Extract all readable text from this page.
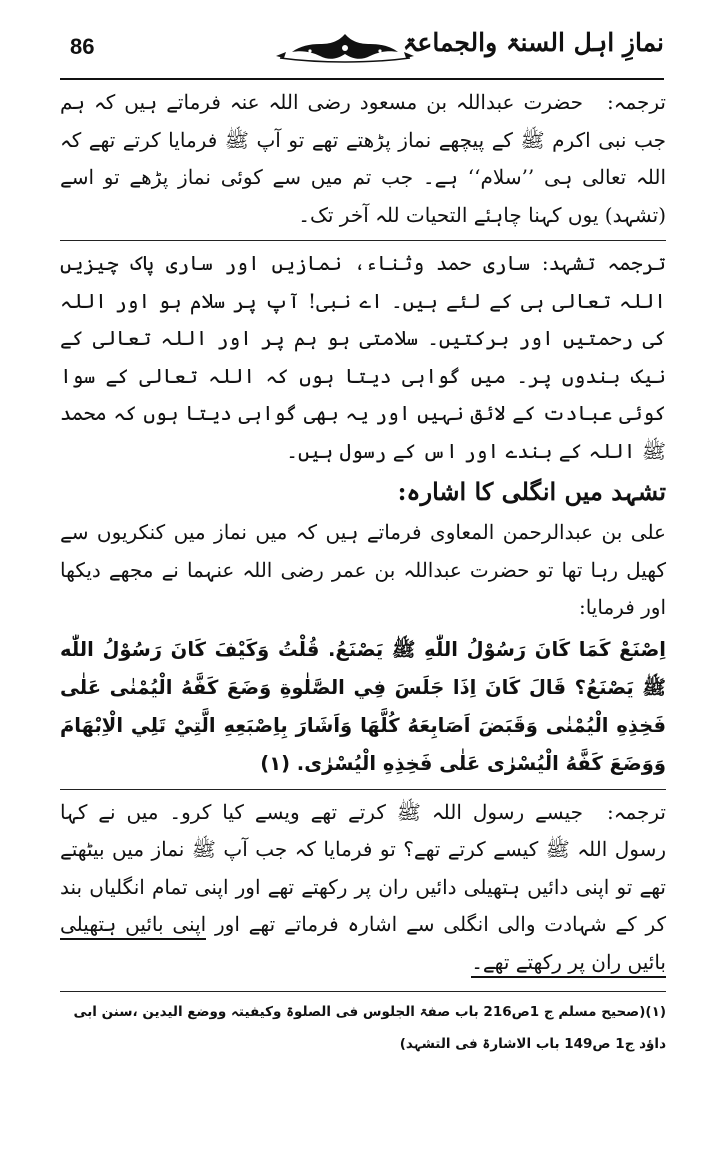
86	نمازِ اہل السنۃ والجماعۃ

ترجمہ:حضرت عبداللہ بن مسعود رضی اللہ عنہ فرماتے ہیں کہ ہم جب نبی اکرم ﷺ کے پیچھے نماز پڑھتے تھے تو آپ ﷺ فرمایا کرتے تھے کہ اللہ تعالی ہی ’’سلام‘‘ ہے۔ جب تم میں سے کوئی نماز پڑھے تو اسے (تشہد) یوں کہنا چاہئے التحیات للہ آخر تک۔

ترجمہ تشہد: ساری حمد وثناء، نمازیں اور ساری پاک چیزیں اللہ تعالی ہی کے لئے ہیں۔ اے نبی! آپ پر سلام ہو اور اللہ کی رحمتیں اور برکتیں۔ سلامتی ہو ہم پر اور اللہ تعالی کے نیک بندوں پر۔ میں گواہی دیتا ہوں کہ اللہ تعالی کے سوا کوئی عبادت کے لائق نہیں اور یہ بھی گواہی دیتا ہوں کہ محمد ﷺ اللہ کے بندے اور اس کے رسول ہیں۔

تشہد میں انگلی کا اشارہ:

علی بن عبدالرحمن المعاوی فرماتے ہیں کہ میں نماز میں کنکریوں سے کھیل رہا تھا تو حضرت عبداللہ بن عمر رضی اللہ عنہما نے مجھے دیکھا اور فرمایا:

اِصْنَعْ كَمَا كَانَ رَسُوْلُ اللّٰهِ ﷺ يَصْنَعُ. قُلْتُ وَكَيْفَ كَانَ رَسُوْلُ اللّٰه ﷺ يَصْنَعُ؟ قَالَ كَانَ اِذَا جَلَسَ فِي الصَّلٰوةِ وَضَعَ كَفَّهُ الْيُمْنٰى عَلٰى فَخِذِهِ الْيُمْنٰى وَقَبَضَ اَصَابِعَهُ كُلَّهَا وَاَشَارَ بِاِصْبَعِهِ الَّتِيْ تَلِي الْاِبْهَامَ وَوَضَعَ كَفَّهُ الْيُسْرٰى عَلٰى فَخِذِهِ الْيُسْرٰى. (۱)

ترجمہ:جیسے رسول اللہ ﷺ کرتے تھے ویسے کیا کرو۔ میں نے کہا رسول اللہ ﷺ کیسے کرتے تھے؟ تو فرمایا کہ جب آپ ﷺ نماز میں بیٹھتے تھے تو اپنی دائیں ہتھیلی دائیں ران پر رکھتے تھے اور اپنی تمام انگلیاں بند کر کے شہادت والی انگلی سے اشارہ فرماتے تھے اور اپنی بائیں ہتھیلی بائیں ران پر رکھتے تھے۔

(۱)(صحیح مسلم ج 1ص216 باب صفۃ الجلوس فی الصلوۃ وکیفیتہ ووضع الیدین ،سنن ابی

داؤد ج1 ص149 باب الاشارۃ فی التشہد)
